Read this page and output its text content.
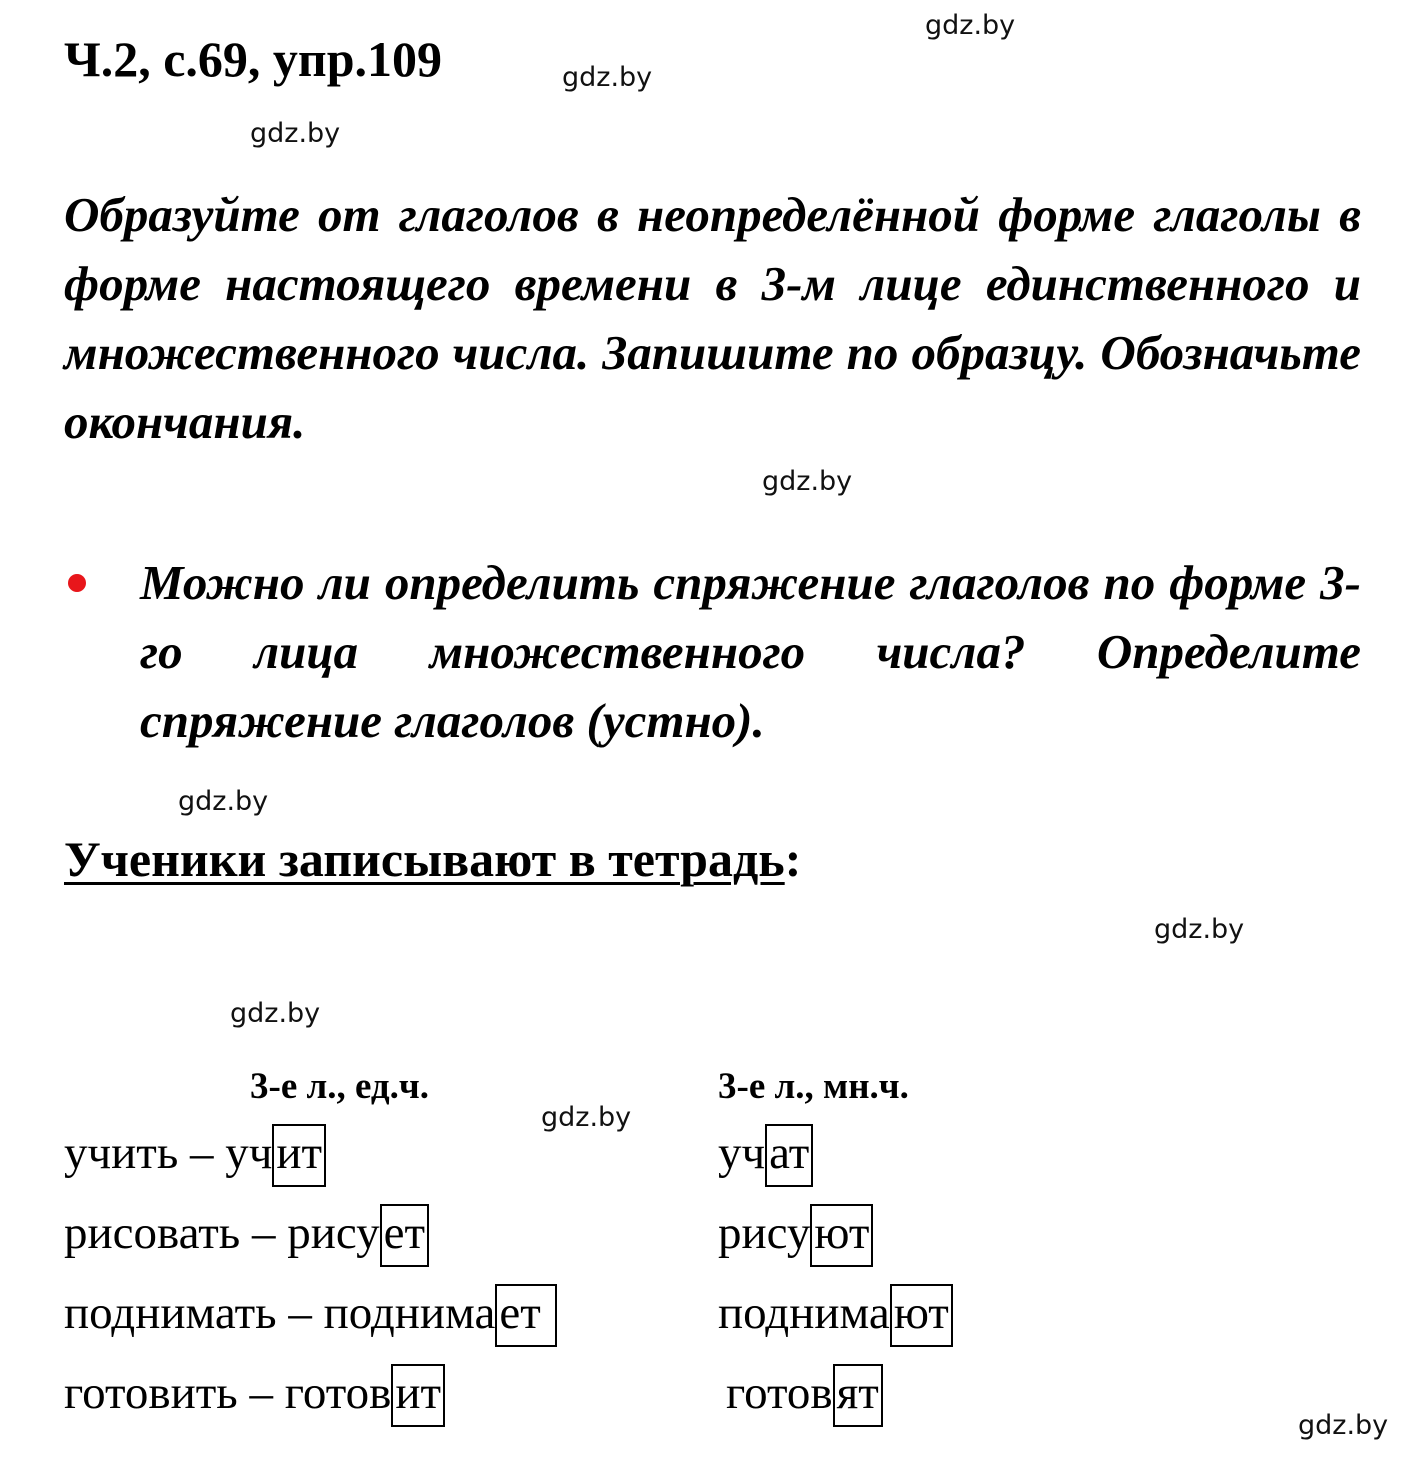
Ч.2, с.69, упр.109
gdz.by
gdz.by
gdz.by
Образуйте от глаголов в неопределённой форме глаголы в форме настоящего времени в 3-м лице единственного и множественного числа. Запишите по образцу. Обозначьте окончания.
gdz.by
Можно ли определить спряжение глаголов по форме 3-го лица множественного числа? Определите спряжение глаголов (устно).
gdz.by
Ученики записывают в тетрадь:
gdz.by
gdz.by
3-е л., ед.ч.	3-е л., мн.ч.
gdz.by
учить – учит	учат
рисовать – рисует	рисуют
поднимать – поднимает	поднимают
готовить – готовит	готовят
gdz.by
